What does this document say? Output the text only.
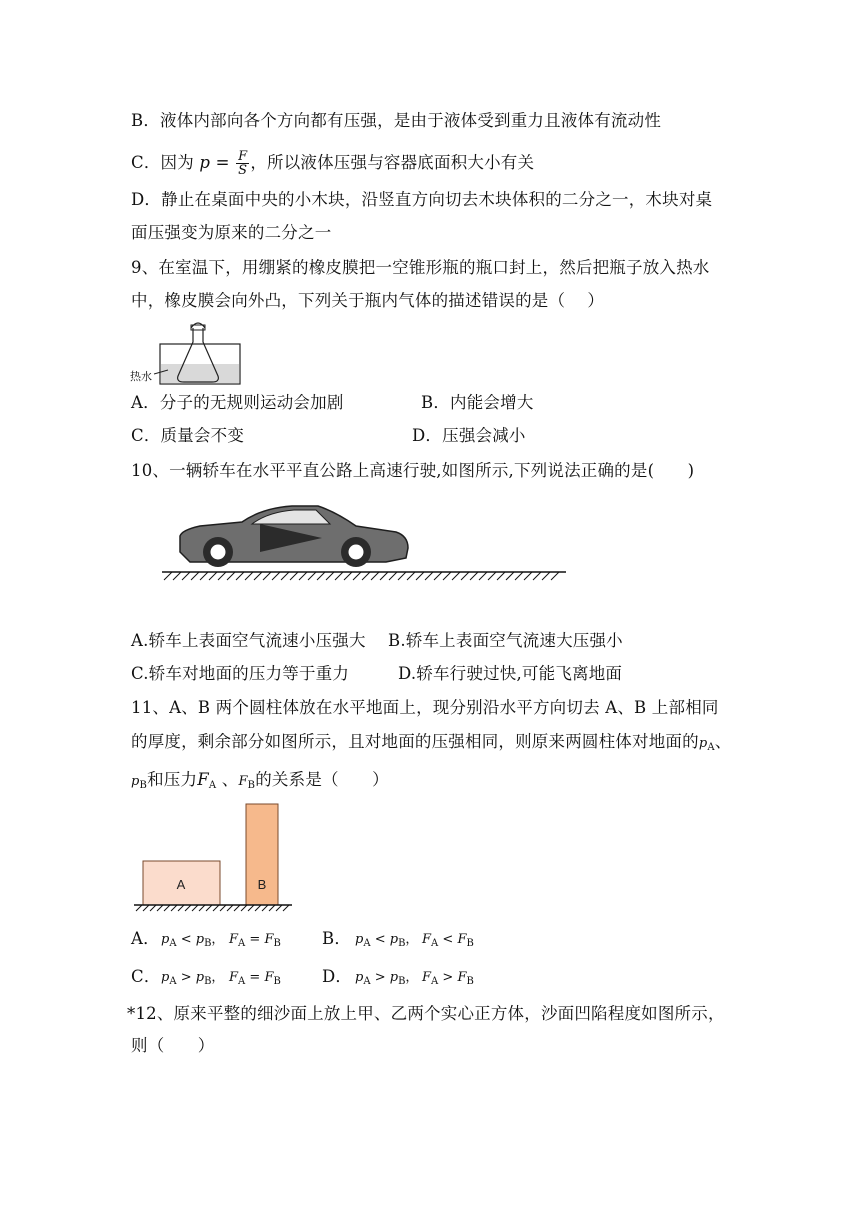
B．液体内部向各个方向都有压强，是由于液体受到重力且液体有流动性
C．因为 $p = \frac{F}{S}$ ，所以液体压强与容器底面积大小有关
D．静止在桌面中央的小木块，沿竖直方向切去木块体积的二分之一，木块对桌
面压强变为原来的二分之一
9、在室温下，用绷紧的橡皮膜把一空锥形瓶的瓶口封上，然后把瓶子放入热水
中，橡皮膜会向外凸，下列关于瓶内气体的描述错误的是（　 ）
热水
A．分子的无规则运动会加剧	B．内能会增大
C．质量会不变	D．压强会减小
10、一辆轿车在水平平直公路上高速行驶,如图所示,下列说法正确的是(　　)
A.轿车上表面空气流速小压强大 B.轿车上表面空气流速大压强小
C.轿车对地面的压力等于重力	D.轿车行驶过快,可能飞离地面
11、A、B 两个圆柱体放在水平地面上，现分别沿水平方向切去 A、B 上部相同
的厚度，剩余部分如图所示，且对地面的压强相同，则原来两圆柱体对地面的$p_A$、
$p_B$和压力$F_A$ 、$F_B$的关系是（　　）
A	B
A． $p_A < p_B$， $F_A = F_B$ B． $p_A < p_B$， $F_A < F_B$
C． $p_A > p_B$， $F_A = F_B$ D． $p_A > p_B$， $F_A > F_B$
*12、原来平整的细沙面上放上甲、乙两个实心正方体，沙面凹陷程度如图所示，
则（　　）
